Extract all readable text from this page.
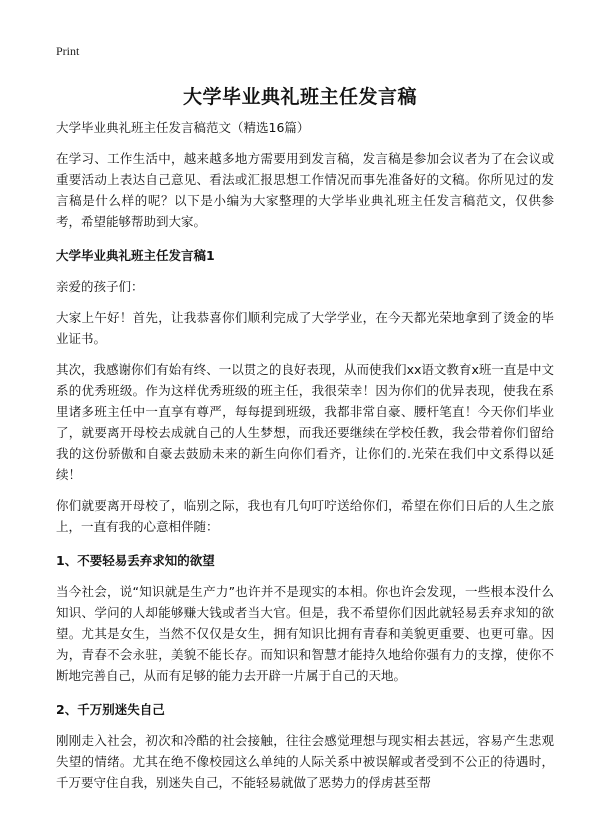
Print
大学毕业典礼班主任发言稿

大学毕业典礼班主任发言稿范文（精选16篇）

在学习、工作生活中，越来越多地方需要用到发言稿，发言稿是参加会议者为了在会议或重要活动上表达自己意见、看法或汇报思想工作情况而事先准备好的文稿。你所见过的发言稿是什么样的呢？以下是小编为大家整理的大学毕业典礼班主任发言稿范文，仅供参考，希望能够帮助到大家。

大学毕业典礼班主任发言稿1

亲爱的孩子们：

大家上午好！首先，让我恭喜你们顺利完成了大学学业，在今天都光荣地拿到了烫金的毕业证书。

其次，我感谢你们有始有终、一以贯之的良好表现，从而使我们xx语文教育x班一直是中文系的优秀班级。作为这样优秀班级的班主任，我很荣幸！因为你们的优异表现，使我在系里诸多班主任中一直享有尊严，每每提到班级，我都非常自豪、腰杆笔直！今天你们毕业了，就要离开母校去成就自己的人生梦想，而我还要继续在学校任教，我会带着你们留给我的这份骄傲和自豪去鼓励未来的新生向你们看齐，让你们的.光荣在我们中文系得以延续！

你们就要离开母校了，临别之际，我也有几句叮咛送给你们，希望在你们日后的人生之旅上，一直有我的心意相伴随：

1、不要轻易丢弃求知的欲望

当今社会，说“知识就是生产力”也许并不是现实的本相。你也许会发现，一些根本没什么知识、学问的人却能够赚大钱或者当大官。但是，我不希望你们因此就轻易丢弃求知的欲望。尤其是女生，当然不仅仅是女生，拥有知识比拥有青春和美貌更重要、也更可靠。因为，青春不会永驻，美貌不能长存。而知识和智慧才能持久地给你强有力的支撑，使你不断地完善自己，从而有足够的能力去开辟一片属于自己的天地。

2、千万别迷失自己

刚刚走入社会，初次和冷酷的社会接触，往往会感觉理想与现实相去甚远，容易产生悲观失望的情绪。尤其在绝不像校园这么单纯的人际关系中被误解或者受到不公正的待遇时，千万要守住自我，别迷失自己，不能轻易就做了恶势力的俘虏甚至帮
